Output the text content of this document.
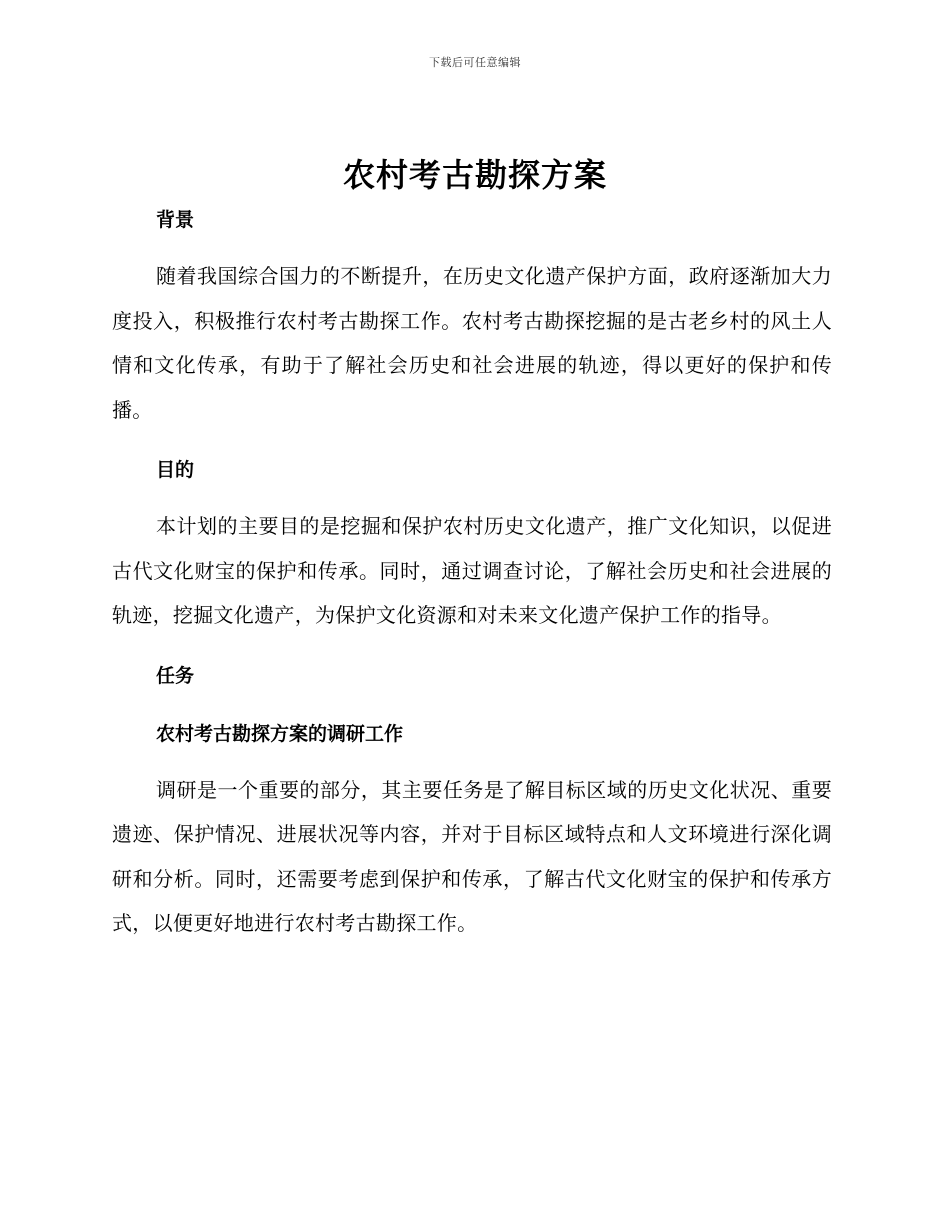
下载后可任意编辑
农村考古勘探方案
背景

随着我国综合国力的不断提升，在历史文化遗产保护方面，政府逐渐加大力度投入，积极推行农村考古勘探工作。农村考古勘探挖掘的是古老乡村的风土人情和文化传承，有助于了解社会历史和社会进展的轨迹，得以更好的保护和传播。

目的

本计划的主要目的是挖掘和保护农村历史文化遗产，推广文化知识，以促进古代文化财宝的保护和传承。同时，通过调查讨论，了解社会历史和社会进展的轨迹，挖掘文化遗产，为保护文化资源和对未来文化遗产保护工作的指导。

任务
农村考古勘探方案的调研工作

调研是一个重要的部分，其主要任务是了解目标区域的历史文化状况、重要遗迹、保护情况、进展状况等内容，并对于目标区域特点和人文环境进行深化调研和分析。同时，还需要考虑到保护和传承，了解古代文化财宝的保护和传承方式，以便更好地进行农村考古勘探工作。
